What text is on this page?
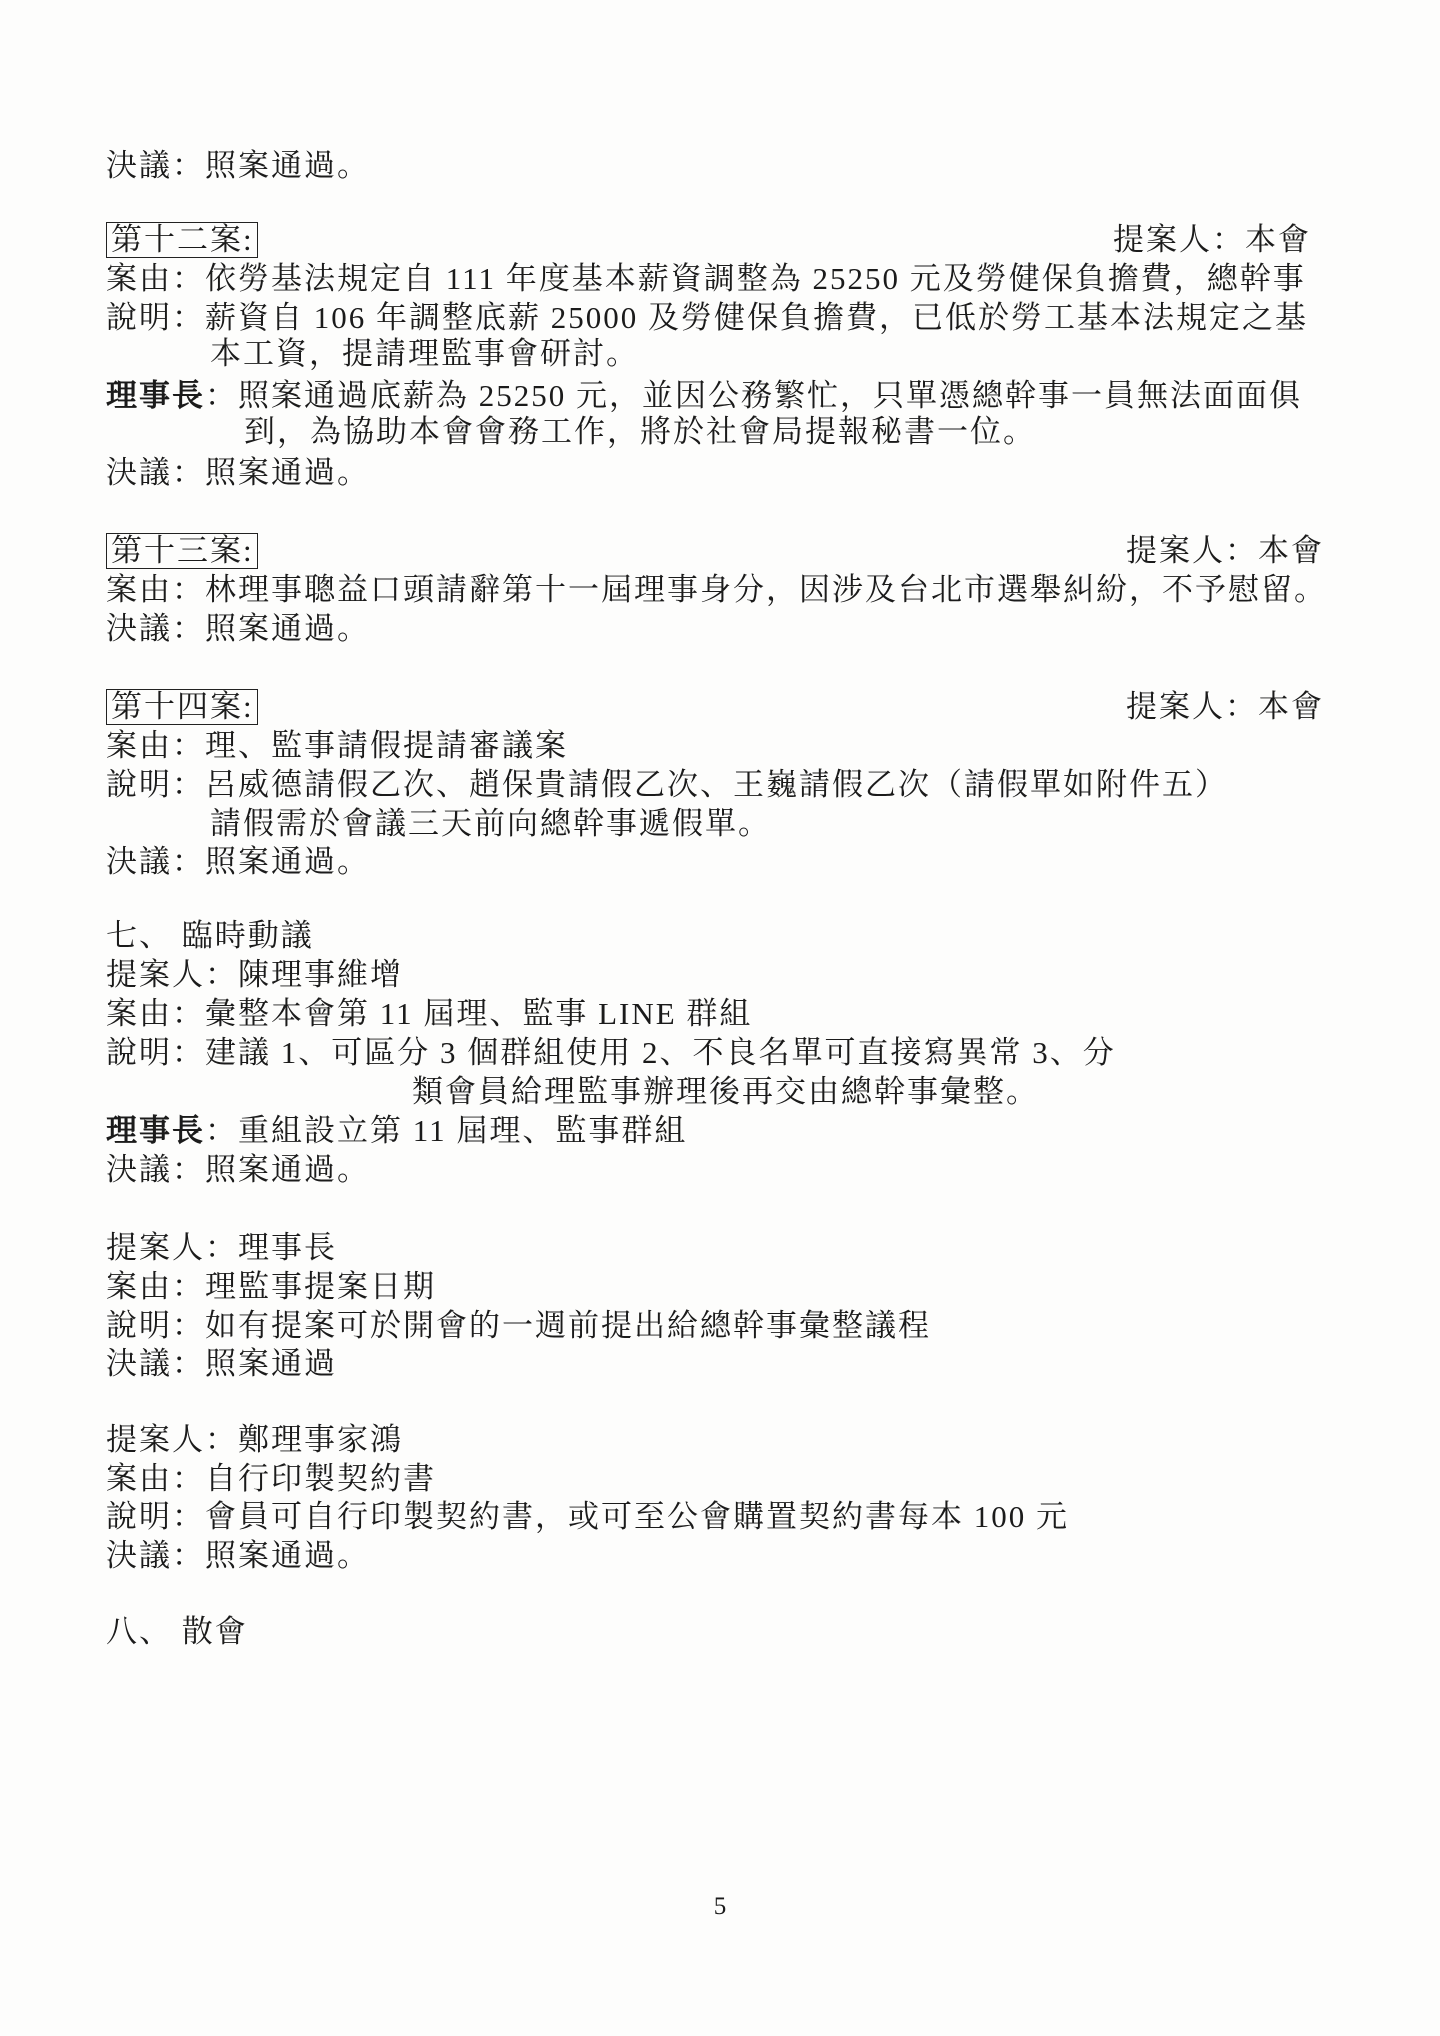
決議：照案通過。
第十二案:	提案人：本會
案由：依勞基法規定自 111 年度基本薪資調整為 25250 元及勞健保負擔費，總幹事
說明：薪資自 106 年調整底薪 25000 及勞健保負擔費，已低於勞工基本法規定之基
本工資，提請理監事會研討。
理事長：照案通過底薪為 25250 元，並因公務繁忙，只單憑總幹事一員無法面面俱
到，為協助本會會務工作，將於社會局提報秘書一位。
決議：照案通過。
第十三案:	提案人：本會
案由：林理事聰益口頭請辭第十一屆理事身分，因涉及台北市選舉糾紛，不予慰留。
決議：照案通過。
第十四案:	提案人：本會
案由：理、監事請假提請審議案
說明：呂威德請假乙次、趙保貴請假乙次、王巍請假乙次（請假單如附件五）
請假需於會議三天前向總幹事遞假單。
決議：照案通過。
七、 臨時動議
提案人：陳理事維增
案由：彙整本會第 11 屆理、監事 LINE 群組
說明：建議 1、可區分 3 個群組使用 2、不良名單可直接寫異常 3、分
類會員給理監事辦理後再交由總幹事彙整。
理事長：重組設立第 11 屆理、監事群組
決議：照案通過。
提案人：理事長
案由：理監事提案日期
說明：如有提案可於開會的一週前提出給總幹事彙整議程
決議：照案通過
提案人：鄭理事家鴻
案由：自行印製契約書
說明：會員可自行印製契約書，或可至公會購置契約書每本 100 元
決議：照案通過。
八、 散會
5
